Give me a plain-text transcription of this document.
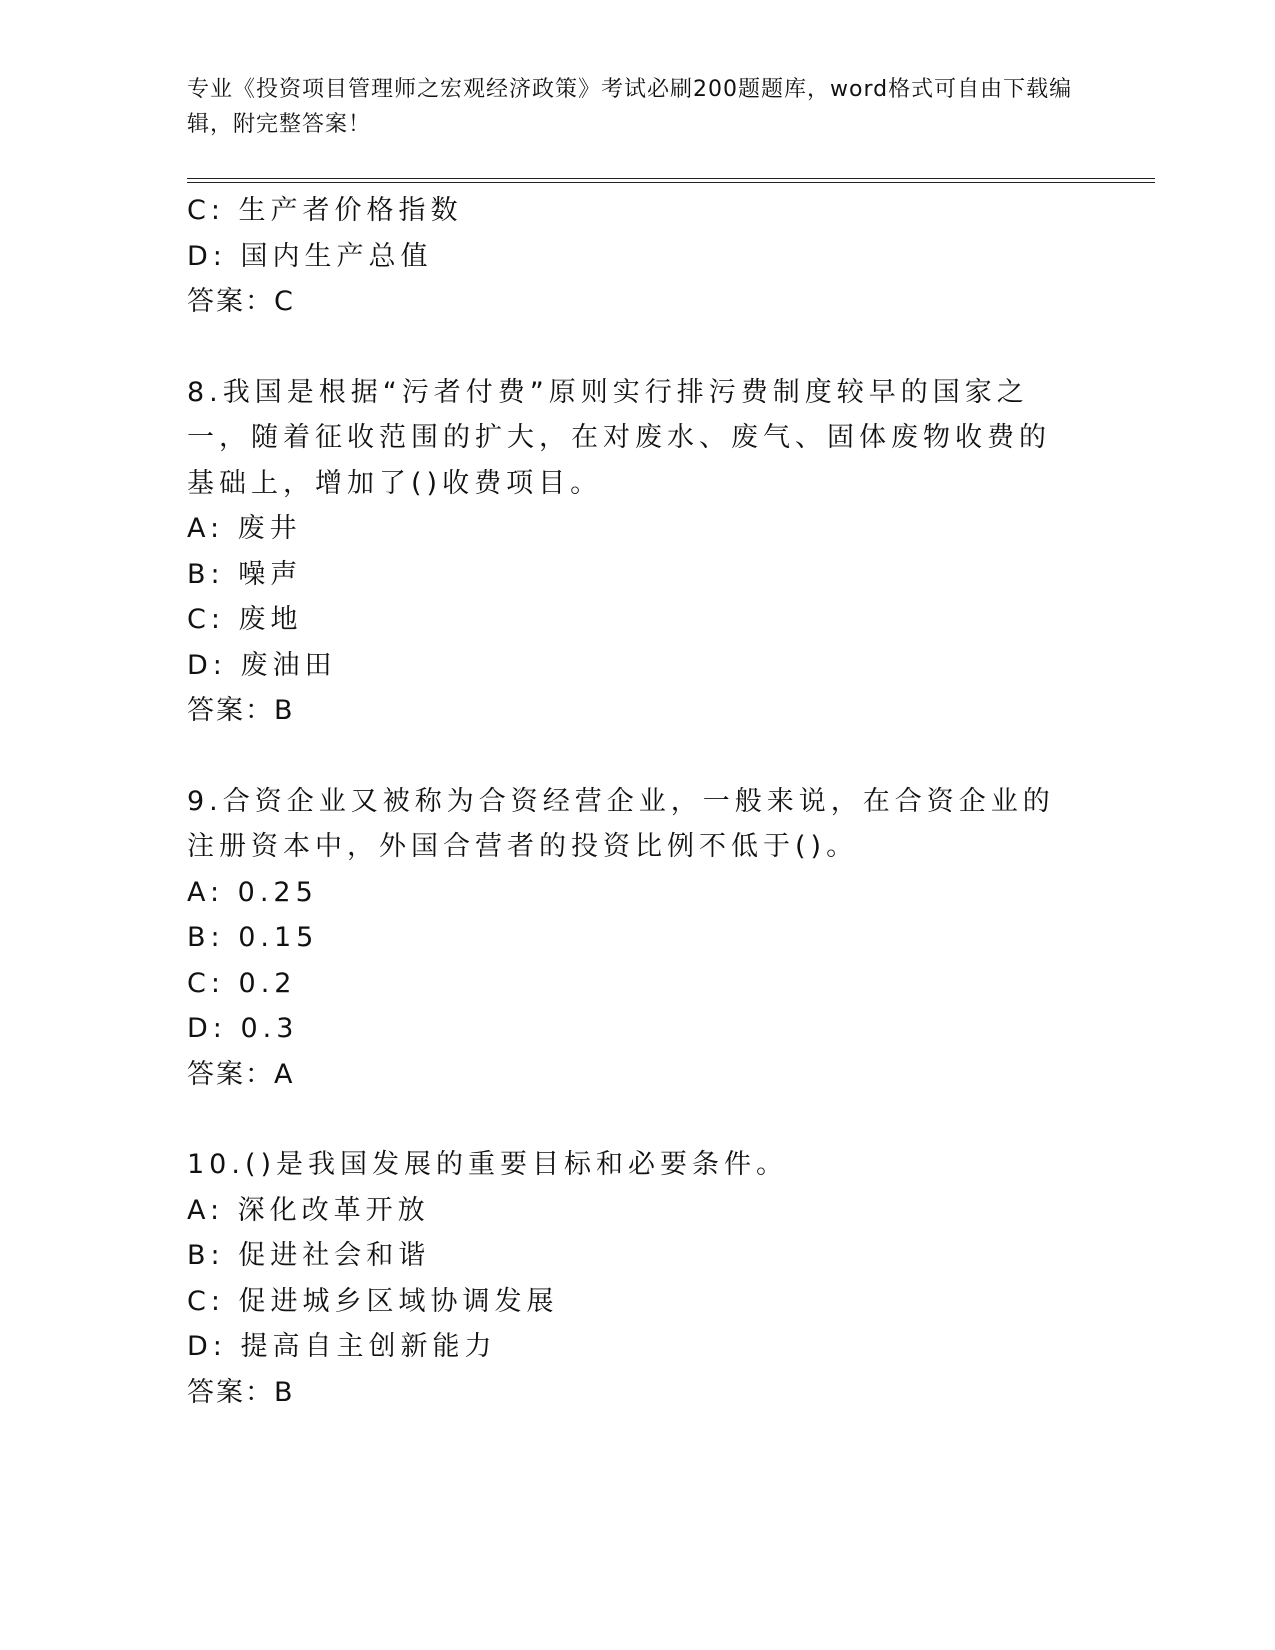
专业《投资项目管理师之宏观经济政策》考试必刷200题题库，word格式可自由下载编辑，附完整答案！
C: 生产者价格指数
D: 国内生产总值
答案：C
8.我国是根据“污者付费”原则实行排污费制度较早的国家之一，随着征收范围的扩大，在对废水、废气、固体废物收费的基础上，增加了()收费项目。
A: 废井
B: 噪声
C: 废地
D: 废油田
答案：B
9.合资企业又被称为合资经营企业，一般来说，在合资企业的注册资本中，外国合营者的投资比例不低于()。
A: 0.25
B: 0.15
C: 0.2
D: 0.3
答案：A
10.()是我国发展的重要目标和必要条件。
A: 深化改革开放
B: 促进社会和谐
C: 促进城乡区域协调发展
D: 提高自主创新能力
答案：B
